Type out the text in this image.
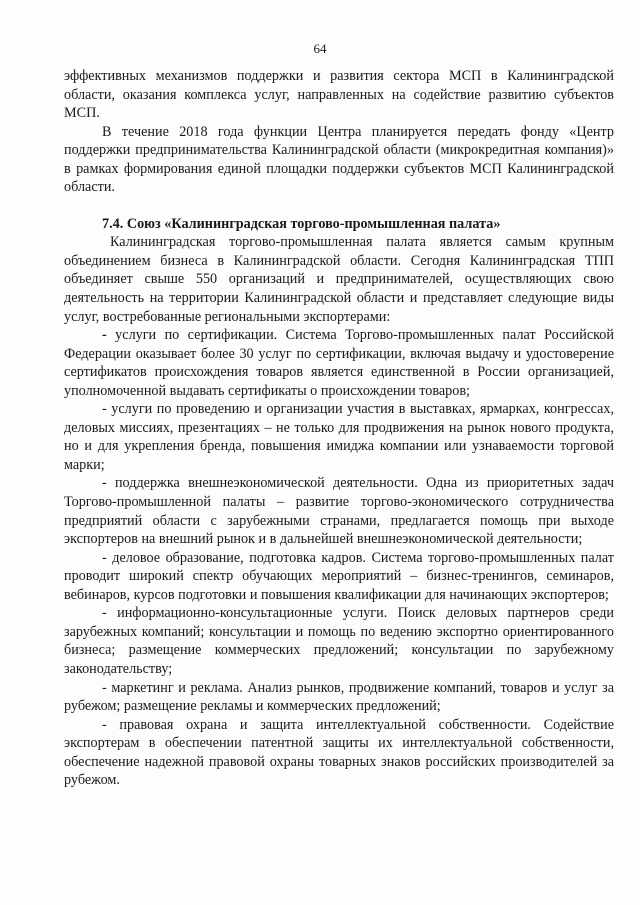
64

эффективных механизмов поддержки и развития сектора МСП в Калининградской области, оказания комплекса услуг, направленных на содействие развитию субъектов МСП.

В течение 2018 года функции Центра планируется передать фонду «Центр поддержки предпринимательства Калининградской области (микрокредитная компания)» в рамках формирования единой площадки поддержки субъектов МСП Калининградской области.

7.4. Союз «Калининградская торгово-промышленная палата»

Калининградская торгово-промышленная палата является самым крупным объединением бизнеса в Калининградской области. Сегодня Калининградская ТПП объединяет свыше 550 организаций и предпринимателей, осуществляющих свою деятельность на территории Калининградской области и представляет следующие виды услуг, востребованные региональными экспортерами:

- услуги по сертификации. Система Торгово-промышленных палат Российской Федерации оказывает более 30 услуг по сертификации, включая выдачу и удостоверение сертификатов происхождения товаров является единственной в России организацией, уполномоченной выдавать сертификаты о происхождении товаров;

- услуги по проведению и организации участия в выставках, ярмарках, конгрессах, деловых миссиях, презентациях – не только для продвижения на рынок нового продукта, но и для укрепления бренда, повышения имиджа компании или узнаваемости торговой марки;

- поддержка внешнеэкономической деятельности. Одна из приоритетных задач Торгово-промышленной палаты – развитие торгово-экономического сотрудничества предприятий области с зарубежными странами, предлагается помощь при выходе экспортеров на внешний рынок и в дальнейшей внешнеэкономической деятельности;

- деловое образование, подготовка кадров. Система торгово-промышленных палат проводит широкий спектр обучающих мероприятий – бизнес-тренингов, семинаров, вебинаров, курсов подготовки и повышения квалификации для начинающих экспортеров;

- информационно-консультационные услуги. Поиск деловых партнеров среди зарубежных компаний; консультации и помощь по ведению экспортно ориентированного бизнеса; размещение коммерческих предложений; консультации по зарубежному законодательству;

- маркетинг и реклама. Анализ рынков, продвижение компаний, товаров и услуг за рубежом; размещение рекламы и коммерческих предложений;

- правовая охрана и защита интеллектуальной собственности. Содействие экспортерам в обеспечении патентной защиты их интеллектуальной собственности, обеспечение надежной правовой охраны товарных знаков российских производителей за рубежом.
